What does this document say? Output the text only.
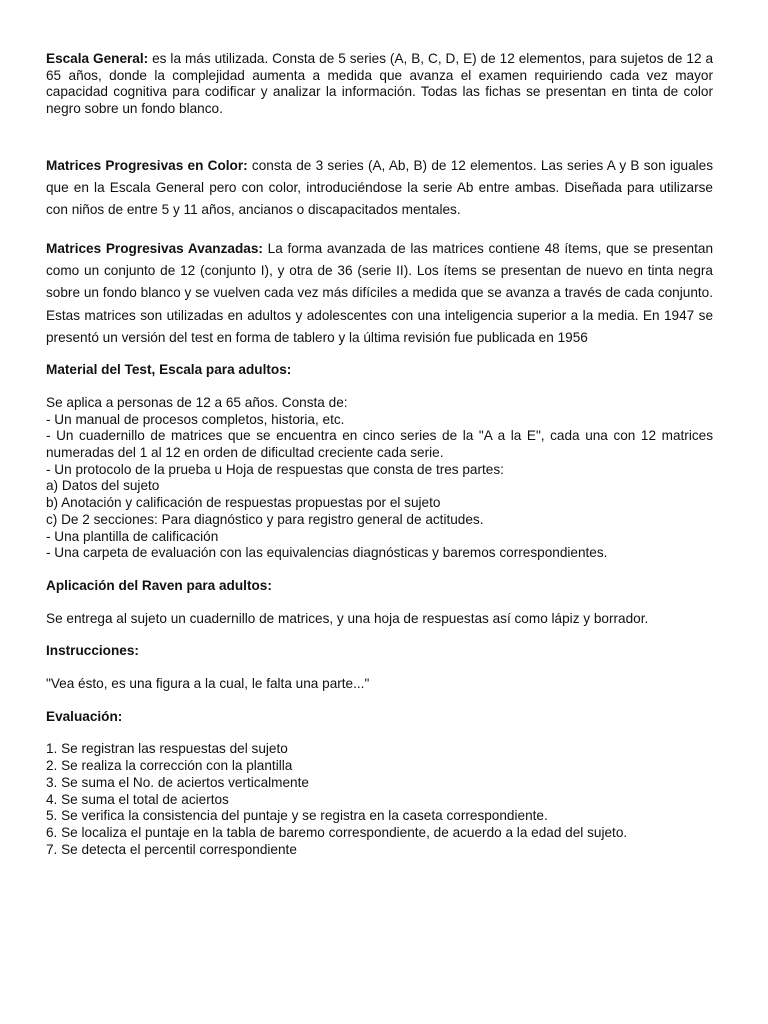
Escala General: es la más utilizada. Consta de 5 series (A, B, C, D, E) de 12 elementos, para sujetos de 12 a 65 años, donde la complejidad aumenta a medida que avanza el examen requiriendo cada vez mayor capacidad cognitiva para codificar y analizar la información. Todas las fichas se presentan en tinta de color negro sobre un fondo blanco.

Matrices Progresivas en Color: consta de 3 series (A, Ab, B) de 12 elementos. Las series A y B son iguales que en la Escala General pero con color, introduciéndose la serie Ab entre ambas. Diseñada para utilizarse con niños de entre 5 y 11 años, ancianos o discapacitados mentales.

Matrices Progresivas Avanzadas: La forma avanzada de las matrices contiene 48 ítems, que se presentan como un conjunto de 12 (conjunto I), y otra de 36 (serie II). Los ítems se presentan de nuevo en tinta negra sobre un fondo blanco y se vuelven cada vez más difíciles a medida que se avanza a través de cada conjunto. Estas matrices son utilizadas en adultos y adolescentes con una inteligencia superior a la media. En 1947 se presentó un versión del test en forma de tablero y la última revisión fue publicada en 1956

Material del Test, Escala para adultos:

Se aplica a personas de 12 a 65 años. Consta de:
- Un manual de procesos completos, historia, etc.
- Un cuadernillo de matrices que se encuentra en cinco series de la "A a la E", cada una con 12 matrices numeradas del 1 al 12 en orden de dificultad creciente cada serie.
- Un protocolo de la prueba u Hoja de respuestas que consta de tres partes:
a) Datos del sujeto
b) Anotación y calificación de respuestas propuestas por el sujeto
c) De 2 secciones: Para diagnóstico y para registro general de actitudes.
- Una plantilla de calificación
- Una carpeta de evaluación con las equivalencias diagnósticas y baremos correspondientes.

Aplicación del Raven para adultos:

Se entrega al sujeto un cuadernillo de matrices, y una hoja de respuestas así como lápiz y borrador.

Instrucciones:

"Vea ésto, es una figura a la cual, le falta una parte..."

Evaluación:

1. Se registran las respuestas del sujeto
2. Se realiza la corrección con la plantilla
3. Se suma el No. de aciertos verticalmente
4. Se suma el total de aciertos
5. Se verifica la consistencia del puntaje y se registra en la caseta correspondiente.
6. Se localiza el puntaje en la tabla de baremo correspondiente, de acuerdo a la edad del sujeto.
7. Se detecta el percentil correspondiente
